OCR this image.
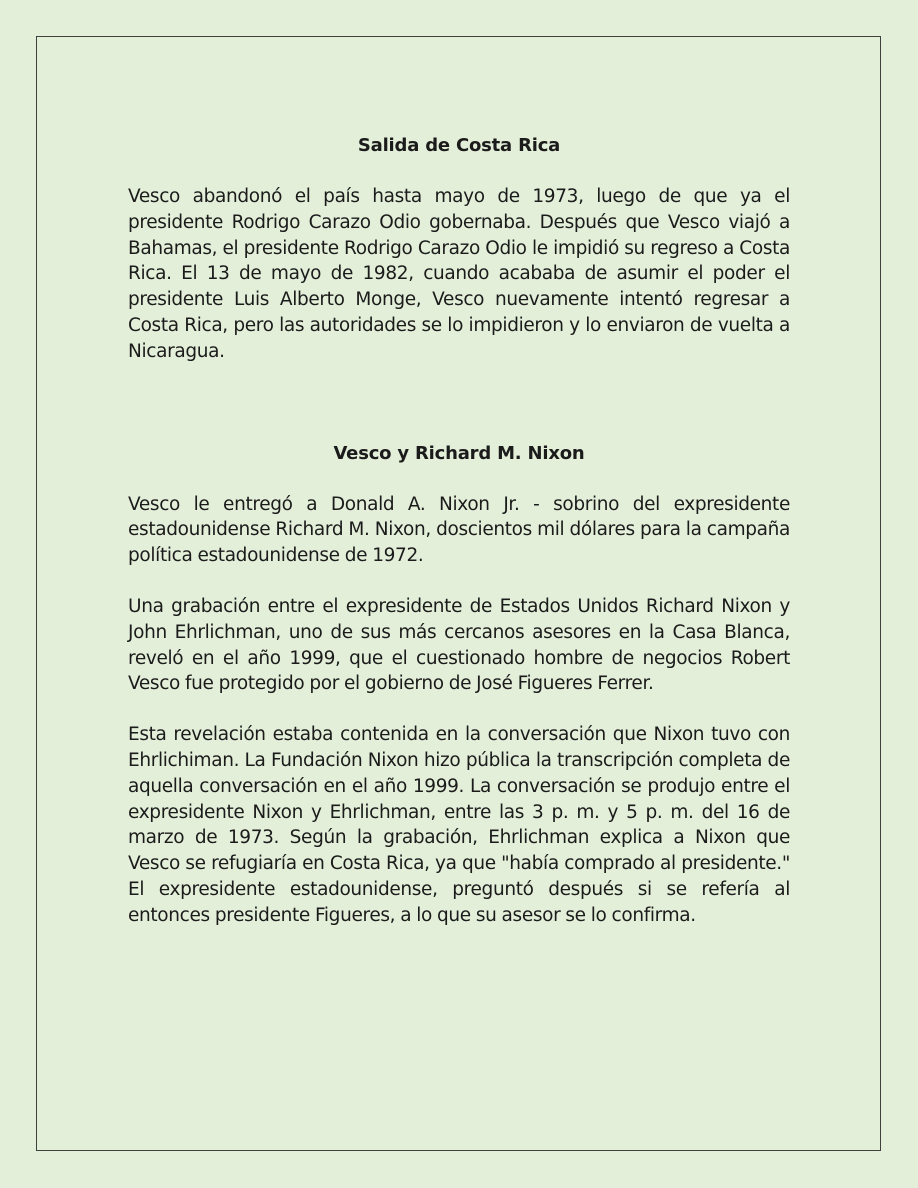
Salida de Costa Rica

Vesco abandonó el país hasta mayo de 1973, luego de que ya el presidente Rodrigo Carazo Odio gobernaba. Después que Vesco viajó a Bahamas, el presidente Rodrigo Carazo Odio le impidió su regreso a Costa Rica. El 13 de mayo de 1982, cuando acababa de asumir el poder el presidente Luis Alberto Monge, Vesco nuevamente intentó regresar a Costa Rica, pero las autoridades se lo impidieron y lo enviaron de vuelta a Nicaragua.

Vesco y Richard M. Nixon

Vesco le entregó a Donald A. Nixon Jr. - sobrino del expresidente estadounidense Richard M. Nixon, doscientos mil dólares para la campaña política estadounidense de 1972.

Una grabación entre el expresidente de Estados Unidos Richard Nixon y John Ehrlichman, uno de sus más cercanos asesores en la Casa Blanca, reveló en el año 1999, que el cuestionado hombre de negocios Robert Vesco fue protegido por el gobierno de José Figueres Ferrer.

Esta revelación estaba contenida en la conversación que Nixon tuvo con Ehrlichiman. La Fundación Nixon hizo pública la transcripción completa de aquella conversación en el año 1999. La conversación se produjo entre el expresidente Nixon y Ehrlichman, entre las 3 p. m. y 5 p. m. del 16 de marzo de 1973. Según la grabación, Ehrlichman explica a Nixon que Vesco se refugiaría en Costa Rica, ya que "había comprado al presidente." El expresidente estadounidense, preguntó después si se refería al entonces presidente Figueres, a lo que su asesor se lo confirma.
